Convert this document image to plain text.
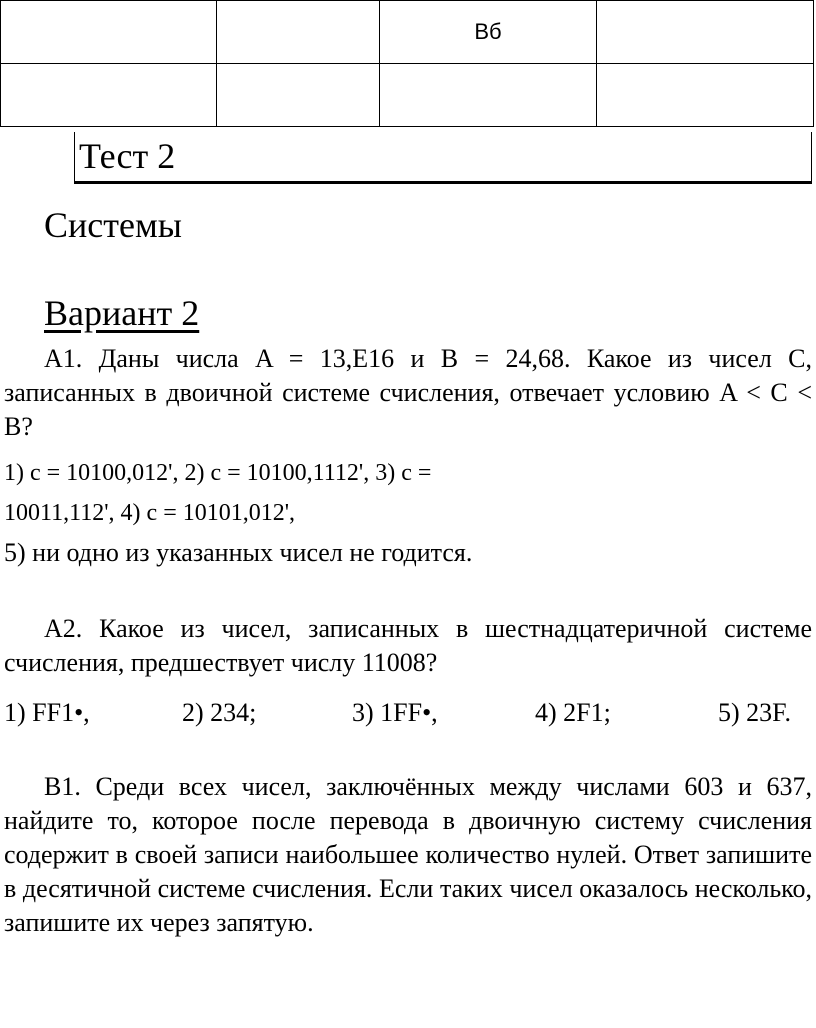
		Вб	

Тест 2
Системы
Вариант 2

А1. Даны числа A = 13,E16 и B = 24,68. Какое из чисел C, записанных в двоичной системе счисления, отвечает условию A < C < B?

1) c = 10100,012', 2) c = 10100,1112', 3) c =
10011,112', 4) c = 10101,012',
5) ни одно из указанных чисел не годится.

А2. Какое из чисел, записанных в шестнадцатеричной системе счисления, предшествует числу 11008?

1) FF1•,	2) 234;	3) 1FF•,	4) 2F1;	5) 23F.

В1. Среди всех чисел, заключённых между числами 603 и 637, найдите то, которое после перевода в двоичную систему счисления содержит в своей записи наибольшее количество нулей. Ответ запишите в десятичной системе счисления. Если таких чисел оказалось несколько, запишите их через запятую.
